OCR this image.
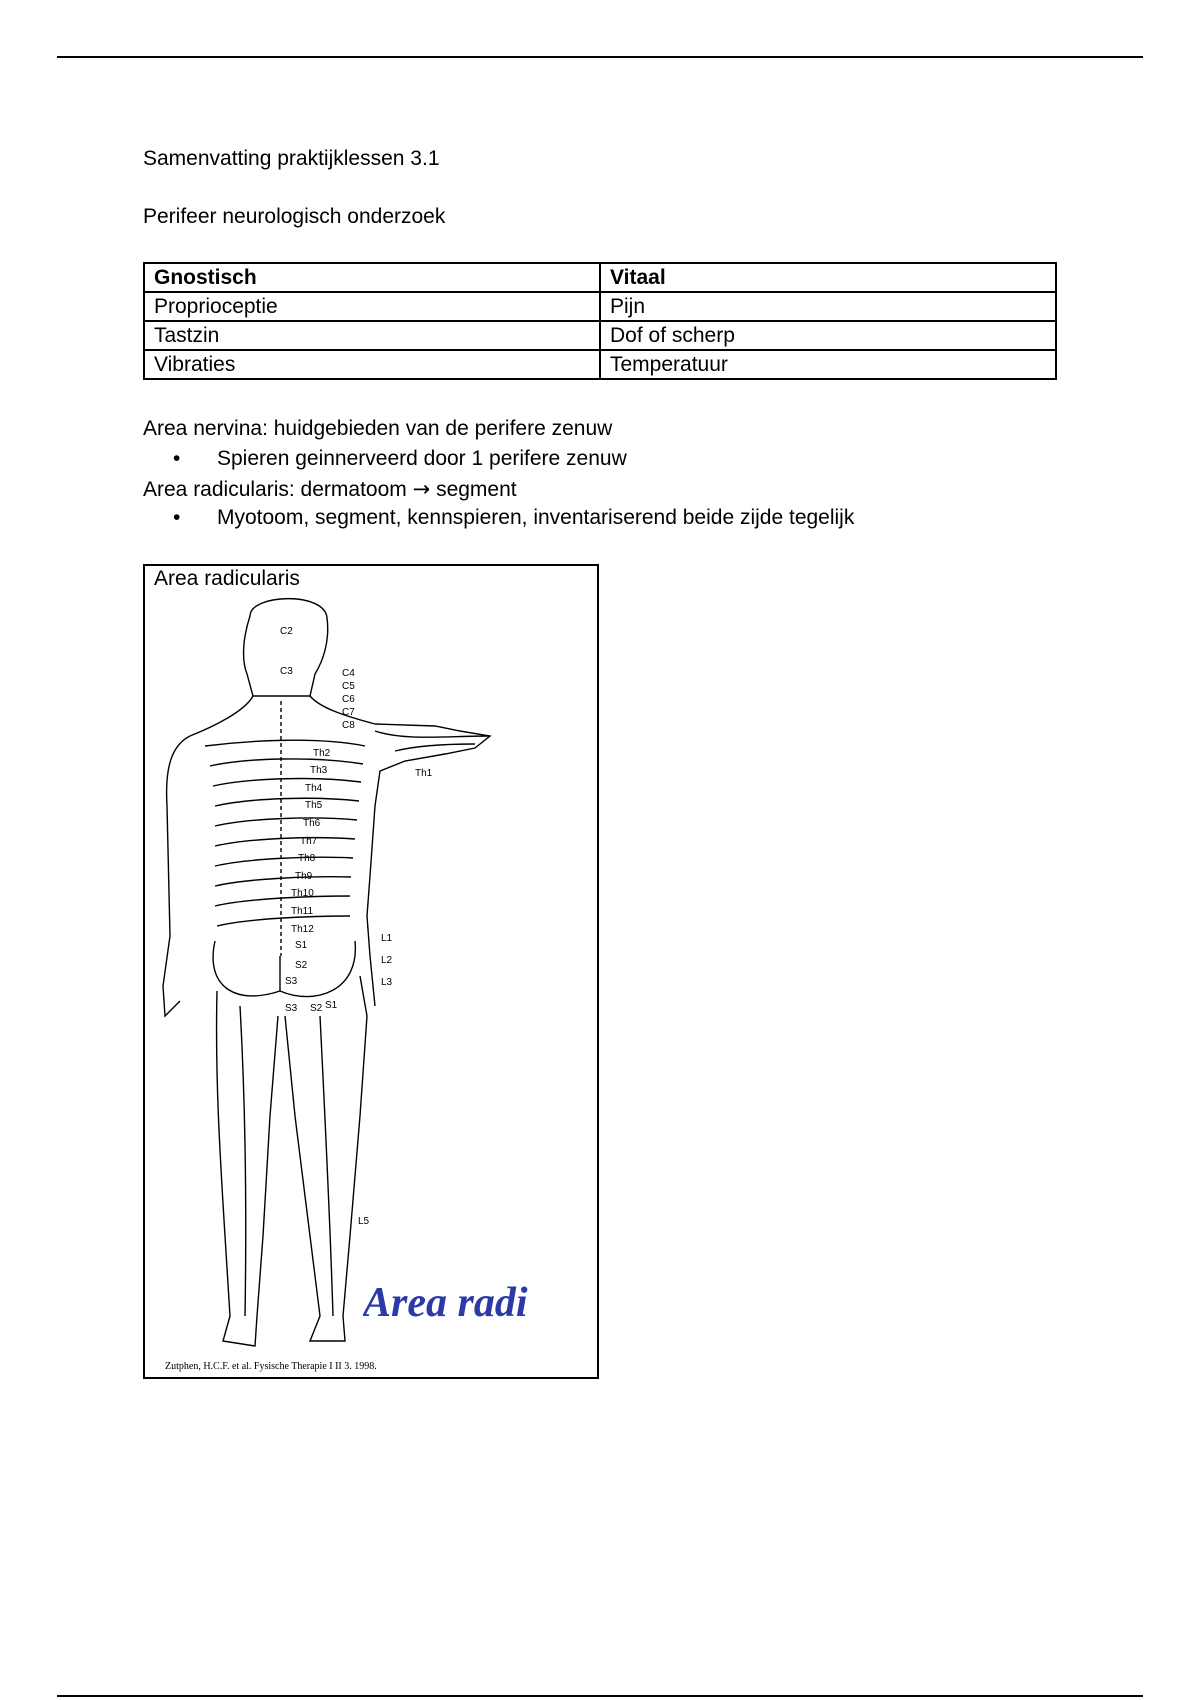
Samenvatting praktijklessen 3.1
Perifeer neurologisch onderzoek
Gnostisch	Vitaal
Proprioceptie	Pijn
Tastzin	Dof of scherp
Vibraties	Temperatuur
Area nervina: huidgebieden van de perifere zenuw
• Spieren geinnerveerd door 1 perifere zenuw
Area radicularis: dermatoom → segment
• Myotoom, segment, kennspieren, inventariserend beide zijde tegelijk
Area radicularis
C2
C3	C4
C5
C6
C7
C8
Th1
Th2
Th3
Th4
Th5
Th6
Th7
Th8
Th9
Th10
Th11
Th12
L1
L2
L3
L5
S1
S1
S2
S2
S3
S3
Area radi
Zutphen, H.C.F. et al. Fysische Therapie I II 3. 1998.
